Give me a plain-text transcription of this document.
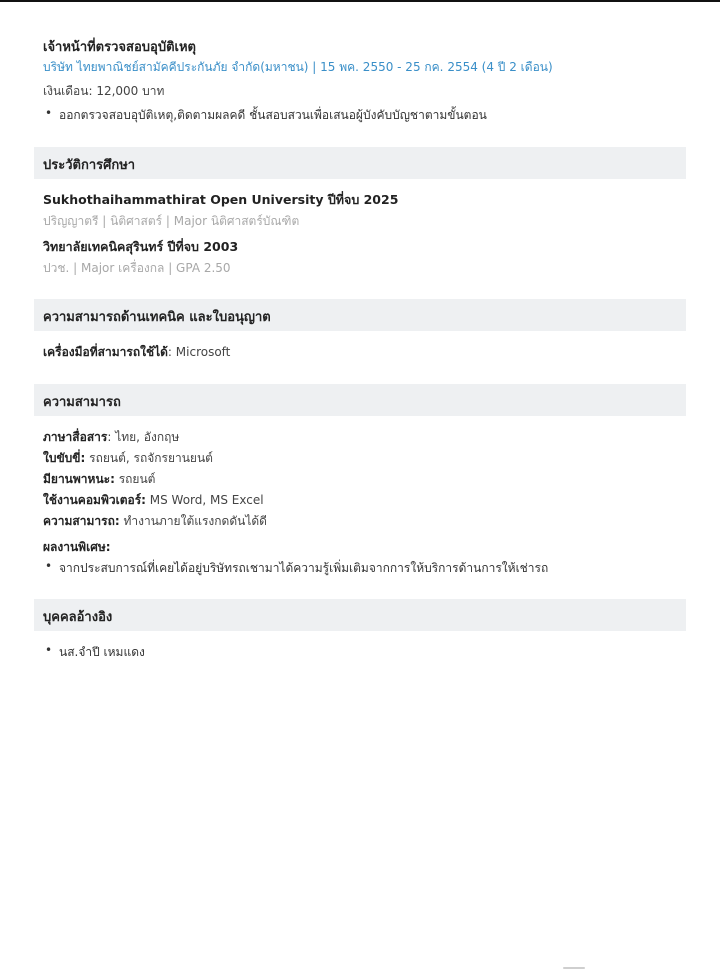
เจ้าหน้าที่ตรวจสอบอุบัติเหตุ
บริษัท ไทยพาณิชย์สามัคคีประกันภัย จำกัด(มหาชน) | 15 พค. 2550 - 25 กค. 2554 (4 ปี 2 เดือน)
เงินเดือน: 12,000 บาท
• ออกตรวจสอบอุบัติเหตุ,ติดตามผลคดี ชั้นสอบสวนเพื่อเสนอผู้บังคับบัญชาตามขั้นตอน
ประวัติการศึกษา
Sukhothaihammathirat Open University ปีที่จบ 2025
ปริญญาตรี | นิติศาสตร์ | Major นิติศาสตร์บัณฑิต
วิทยาลัยเทคนิคสุรินทร์ ปีที่จบ 2003
ปวช. | Major เครื่องกล | GPA 2.50
ความสามารถด้านเทคนิค และใบอนุญาต
เครื่องมือที่สามารถใช้ได้: Microsoft
ความสามารถ
ภาษาสื่อสาร: ไทย, อังกฤษ
ใบขับขี่: รถยนต์, รถจักรยานยนต์
มียานพาหนะ: รถยนต์
ใช้งานคอมพิวเตอร์: MS Word, MS Excel
ความสามารถ: ทำงานภายใต้แรงกดดันได้ดี
ผลงานพิเศษ:
• จากประสบการณ์ที่เคยได้อยู่บริษัทรถเชามาได้ความรู้เพิ่มเติมจากการให้บริการด้านการให้เช่ารถ
บุคคลอ้างอิง
• นส.จำปี เหมแดง
